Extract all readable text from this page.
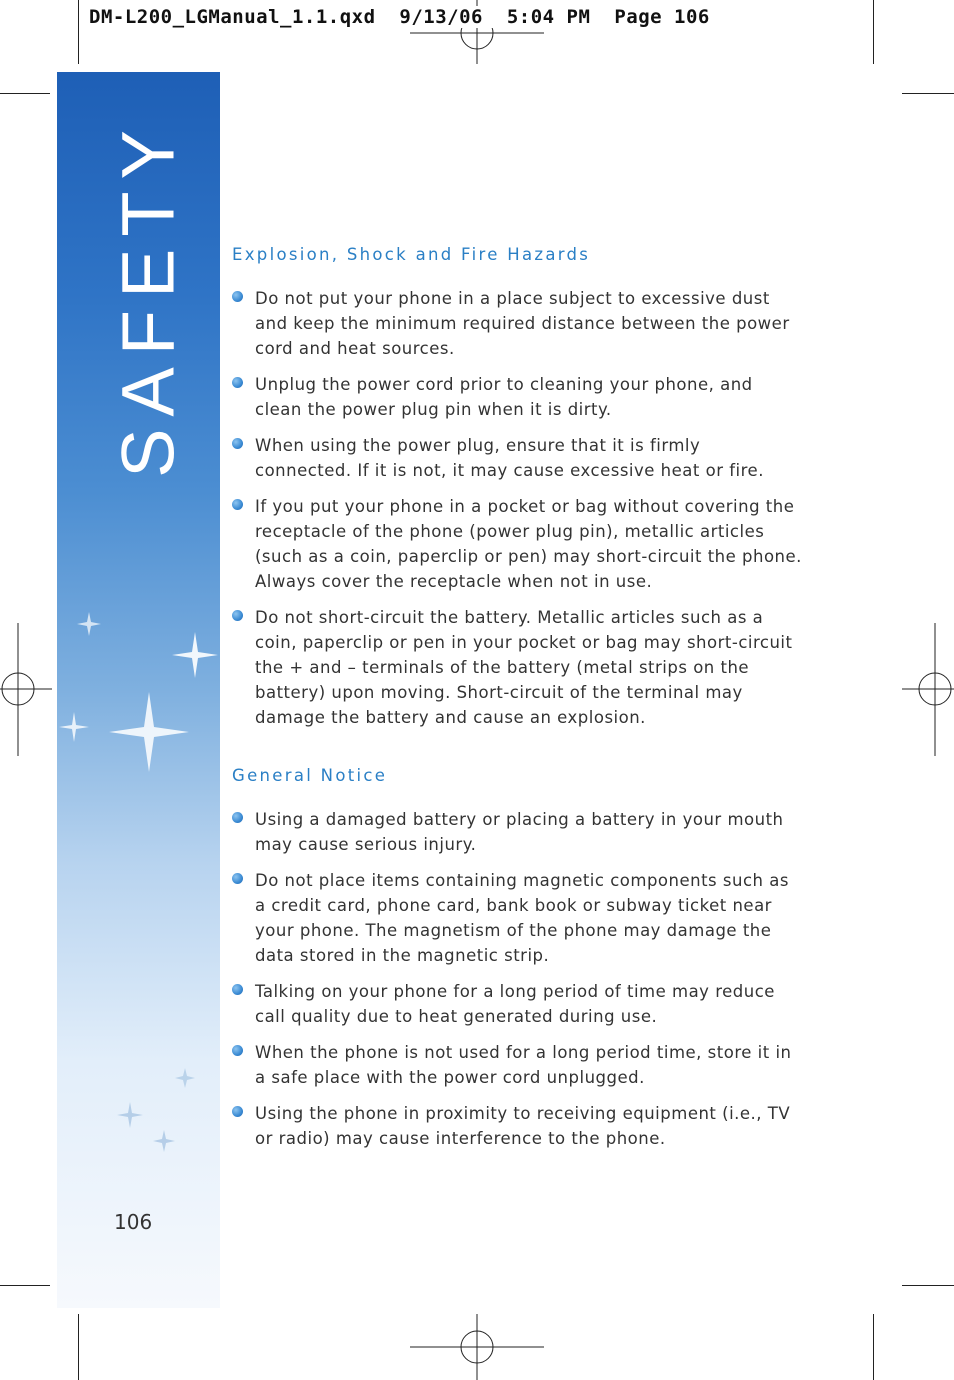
DM-L200_LGManual_1.1.qxd  9/13/06  5:04 PM  Page 106
SAFETY	Explosion, Shock and Fire Hazards
Do not put your phone in a place subject to excessive dust and keep the minimum required distance between the power cord and heat sources.
Unplug the power cord prior to cleaning your phone, and clean the power plug pin when it is dirty.
When using the power plug, ensure that it is firmly connected. If it is not, it may cause excessive heat or fire.
If you put your phone in a pocket or bag without covering the receptacle of the phone (power plug pin), metallic articles (such as a coin, paperclip or pen) may short-circuit the phone. Always cover the receptacle when not in use.
Do not short-circuit the battery. Metallic articles such as a coin, paperclip or pen in your pocket or bag may short-circuit the + and – terminals of the battery (metal strips on the battery) upon moving. Short-circuit of the terminal may damage the battery and cause an explosion.
General Notice
Using a damaged battery or placing a battery in your mouth may cause serious injury.
Do not place items containing magnetic components such as a credit card, phone card, bank book or subway ticket near your phone. The magnetism of the phone may damage the data stored in the magnetic strip.
Talking on your phone for a long period of time may reduce call quality due to heat generated during use.
When the phone is not used for a long period time, store it in a safe place with the power cord unplugged.
Using the phone in proximity to receiving equipment (i.e., TV or radio) may cause interference to the phone.
106
